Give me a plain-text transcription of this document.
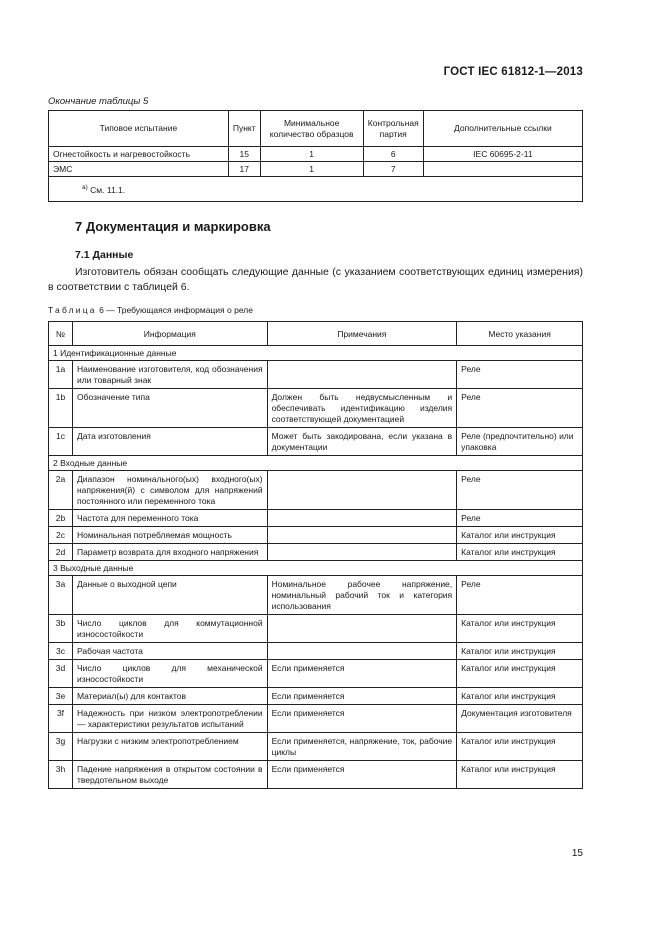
ГОСТ IEC 61812-1—2013
Окончание таблицы 5
Типовое испытание	Пункт	Минимальное количество образцов	Контрольная партия	Дополнительные ссылки
Огнестойкость и нагревостойкость	15	1	6	IEC 60695-2-11
ЭМС	17	1	7	
$^{а)}$ См. 11.1.				
7 Документация и маркировка
7.1 Данные
Изготовитель обязан сообщать следующие данные (с указанием соответствующих единиц измерения) в соответствии с таблицей 6.
Таблица 6 — Требующаяся информация о реле
№	Информация	Примечания	Место указания
1 Идентификационные данные			
1a	Наименование изготовителя, код обозначения или товарный знак		Реле
1b	Обозначение типа	Должен быть недвусмысленным и обеспечивать идентификацию изделия соответствующей документацией	Реле
1c	Дата изготовления	Может быть закодирована, если указана в документации	Реле (предпочтительно) или упаковка
2 Входные данные			
2a	Диапазон номинального(ых) входного(ых) напряжения(й) с символом для напряжений постоянного или переменного тока		Реле
2b	Частота для переменного тока		Реле
2c	Номинальная потребляемая мощность		Каталог или инструкция
2d	Параметр возврата для входного напряжения		Каталог или инструкция
3 Выходные данные			
3a	Данные о выходной цепи	Номинальное рабочее напряжение, номинальный рабочий ток и категория использования	Реле
3b	Число циклов для коммутационной износостойкости		Каталог или инструкция
3c	Рабочая частота		Каталог или инструкция
3d	Число циклов для механической износостойкости	Если применяется	Каталог или инструкция
3e	Материал(ы) для контактов	Если применяется	Каталог или инструкция
3f	Надежность при низком электропотреблении — характеристики результатов испытаний	Если применяется	Документация изготовителя
3g	Нагрузки с низким электропотреблением	Если применяется, напряжение, ток, рабочие циклы	Каталог или инструкция
3h	Падение напряжения в открытом состоянии в твердотельном выходе	Если применяется	Каталог или инструкция
15
